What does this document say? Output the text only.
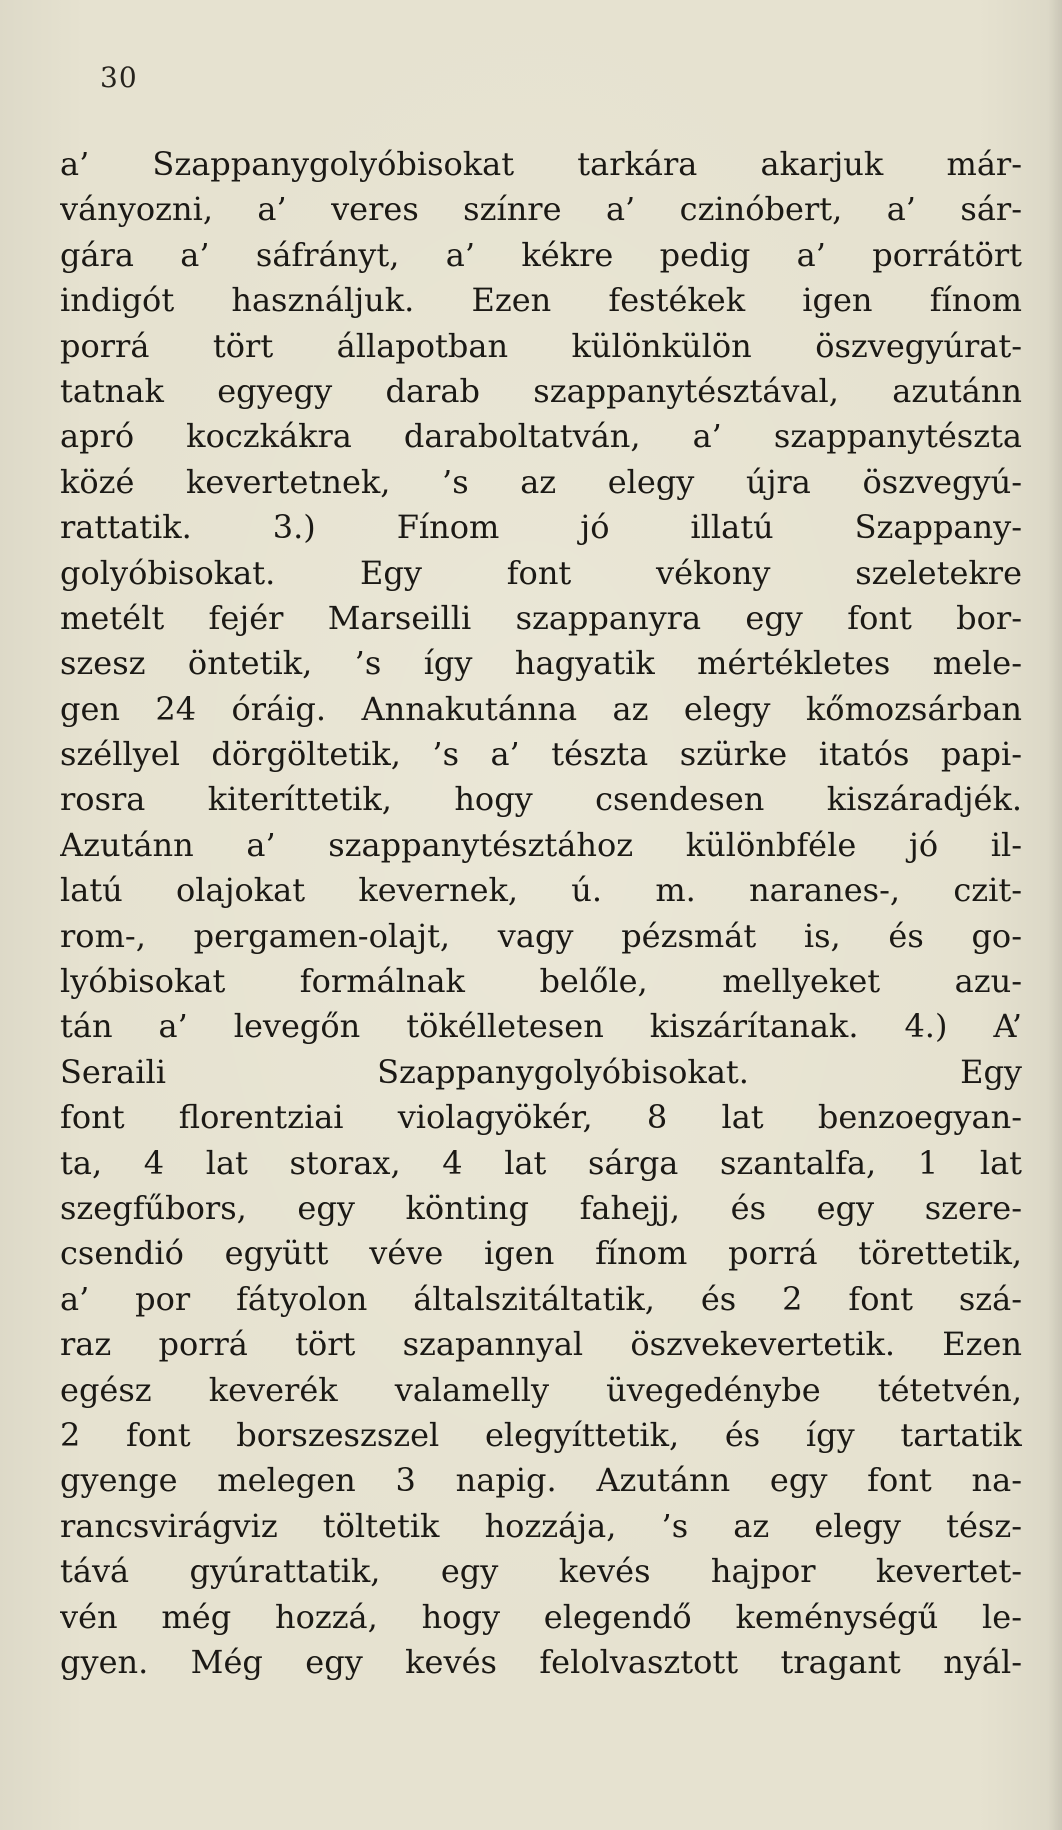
30
a’ Szappanygolyóbisokat tarkára akarjuk már-
ványozni, a’ veres színre a’ czinóbert, a’ sár-
gára a’ sáfrányt, a’ kékre pedig a’ porrátört
indigót használjuk. Ezen festékek igen fínom
porrá tört állapotban különkülön öszvegyúrat-
tatnak egyegy darab szappanytésztával, azutánn
apró koczkákra daraboltatván, a’ szappanytészta
közé kevertetnek, ’s az elegy újra öszvegyú-
rattatik. 3.) Fínom jó illatú Szappany-
golyóbisokat. Egy font vékony szeletekre
metélt fejér Marseilli szappanyra egy font bor-
szesz öntetik, ’s így hagyatik mértékletes mele-
gen 24 óráig. Annakutánna az elegy kőmozsárban
széllyel dörgöltetik, ’s a’ tészta szürke itatós papi-
rosra kiteríttetik, hogy csendesen kiszáradjék.
Azutánn a’ szappanytésztához különbféle jó il-
latú olajokat kevernek, ú. m. naranes-, czit-
rom-, pergamen-olajt, vagy pézsmát is, és go-
lyóbisokat formálnak belőle, mellyeket azu-
tán a’ levegőn tökélletesen kiszárítanak. 4.) A’
Seraili Szappanygolyóbisokat. Egy
font florentziai violagyökér, 8 lat benzoegyan-
ta, 4 lat storax, 4 lat sárga szantalfa, 1 lat
szegfűbors, egy könting fahejj, és egy szere-
csendió együtt véve igen fínom porrá törettetik,
a’ por fátyolon általszitáltatik, és 2 font szá-
raz porrá tört szapannyal öszvekevertetik. Ezen
egész keverék valamelly üvegedénybe tétetvén,
2 font borszeszszel elegyíttetik, és így tartatik
gyenge melegen 3 napig. Azutánn egy font na-
rancsvirágviz töltetik hozzája, ’s az elegy tész-
tává gyúrattatik, egy kevés hajpor kevertet-
vén még hozzá, hogy elegendő keménységű le-
gyen. Még egy kevés felolvasztott tragant nyál-
